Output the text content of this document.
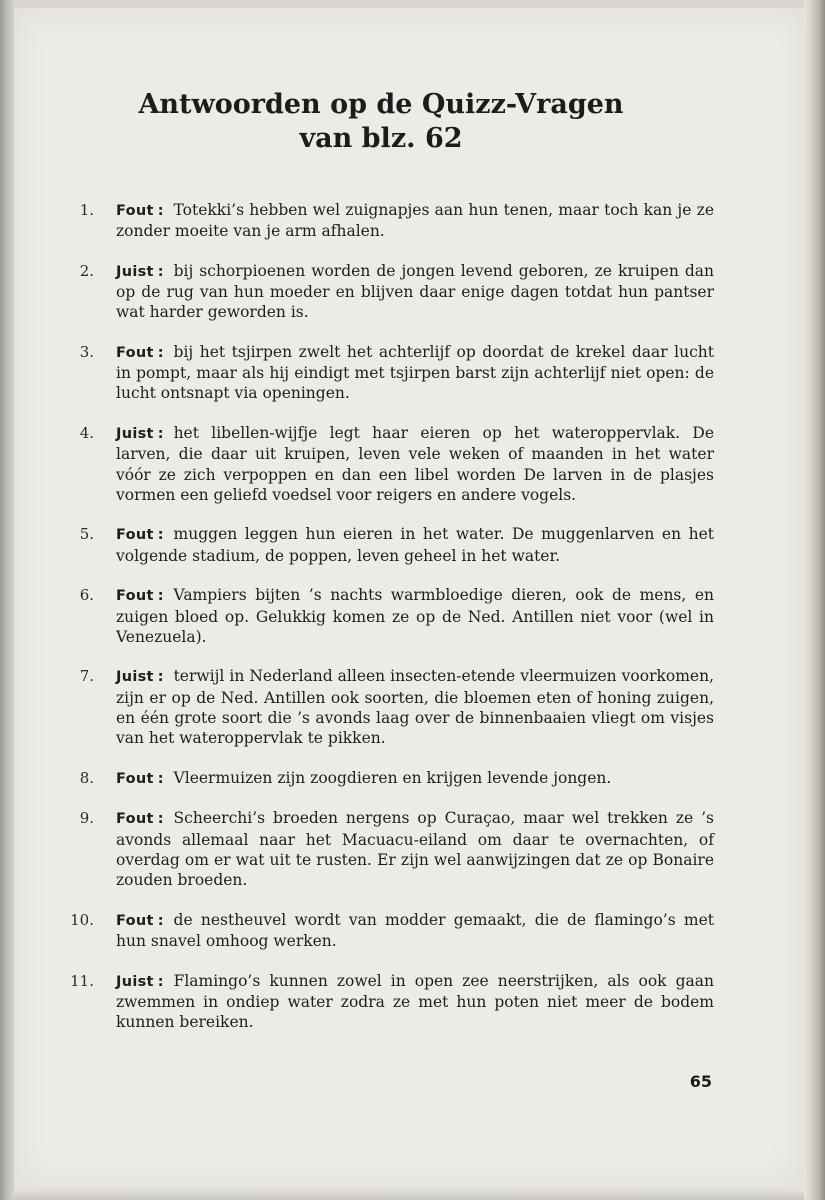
Antwoorden op de Quizz-Vragen
van blz. 62
1. Fout : Totekki’s hebben wel zuignapjes aan hun tenen, maar toch kan je ze zonder moeite van je arm afhalen.
2. Juist : bij schorpioenen worden de jongen levend geboren, ze kruipen dan op de rug van hun moeder en blijven daar enige dagen totdat hun pantser wat harder geworden is.
3. Fout : bij het tsjirpen zwelt het achterlijf op doordat de krekel daar lucht in pompt, maar als hij eindigt met tsjirpen barst zijn achterlijf niet open: de lucht ontsnapt via openingen.
4. Juist : het libellen-wijfje legt haar eieren op het wateroppervlak. De larven, die daar uit kruipen, leven vele weken of maanden in het water vóór ze zich verpoppen en dan een libel worden De larven in de plasjes vormen een geliefd voedsel voor reigers en andere vogels.
5. Fout : muggen leggen hun eieren in het water. De muggenlarven en het volgende stadium, de poppen, leven geheel in het water.
6. Fout : Vampiers bijten ’s nachts warmbloedige dieren, ook de mens, en zuigen bloed op. Gelukkig komen ze op de Ned. Antillen niet voor (wel in Venezuela).
7. Juist : terwijl in Nederland alleen insecten-etende vleermuizen voorkomen, zijn er op de Ned. Antillen ook soorten, die bloemen eten of honing zuigen, en één grote soort die ’s avonds laag over de binnenbaaien vliegt om visjes van het wateroppervlak te pikken.
8. Fout : Vleermuizen zijn zoogdieren en krijgen levende jongen.
9. Fout : Scheerchi’s broeden nergens op Curaçao, maar wel trekken ze ’s avonds allemaal naar het Macuacu-eiland om daar te overnachten, of overdag om er wat uit te rusten. Er zijn wel aanwijzingen dat ze op Bonaire zouden broeden.
10. Fout : de nestheuvel wordt van modder gemaakt, die de flamingo’s met hun snavel omhoog werken.
11. Juist : Flamingo’s kunnen zowel in open zee neerstrijken, als ook gaan zwemmen in ondiep water zodra ze met hun poten niet meer de bodem kunnen bereiken.
65
